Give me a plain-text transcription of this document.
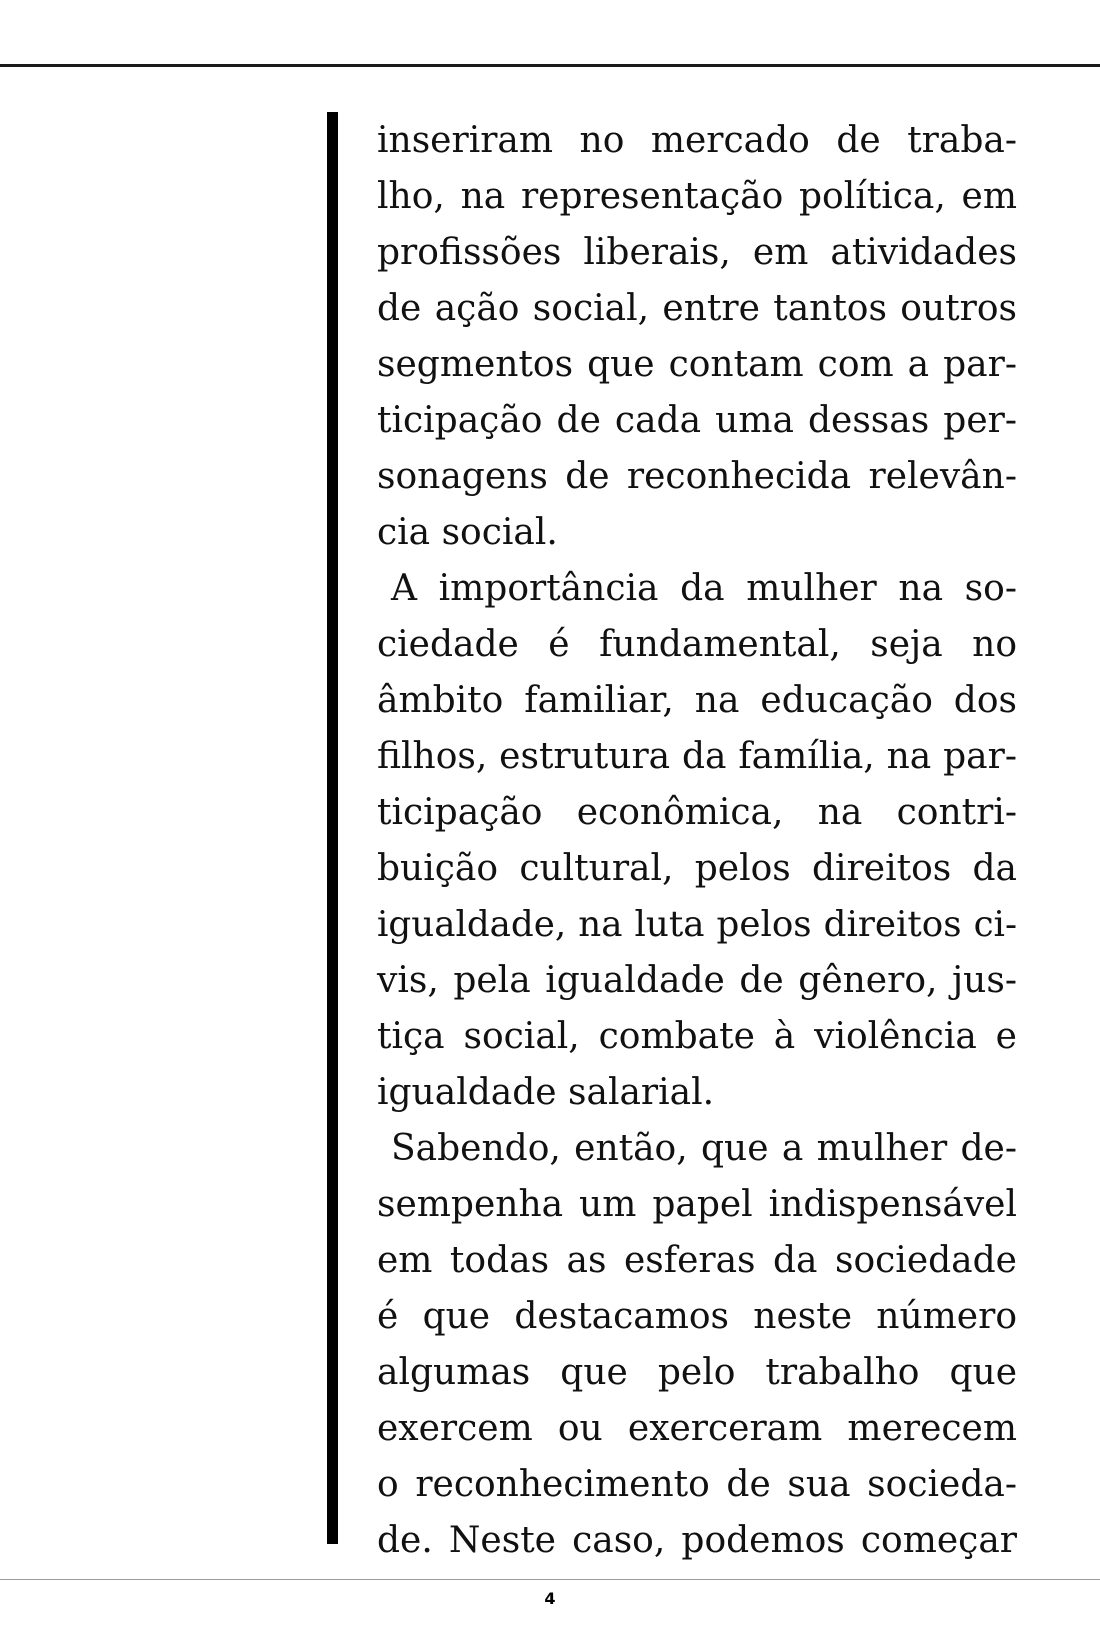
inseriram no mercado de traba-
lho, na representação política, em
profissões liberais, em atividades
de ação social, entre tantos outros
segmentos que contam com a par-
ticipação de cada uma dessas per-
sonagens de reconhecida relevân-
cia social.
A importância da mulher na so-
ciedade é fundamental, seja no
âmbito familiar, na educação dos
filhos, estrutura da família, na par-
ticipação econômica, na contri-
buição cultural, pelos direitos da
igualdade, na luta pelos direitos ci-
vis, pela igualdade de gênero, jus-
tiça social, combate à violência e
igualdade salarial.
Sabendo, então, que a mulher de-
sempenha um papel indispensável
em todas as esferas da sociedade
é que destacamos neste número
algumas que pelo trabalho que
exercem ou exerceram merecem
o reconhecimento de sua socieda-
de. Neste caso, podemos começar
4
